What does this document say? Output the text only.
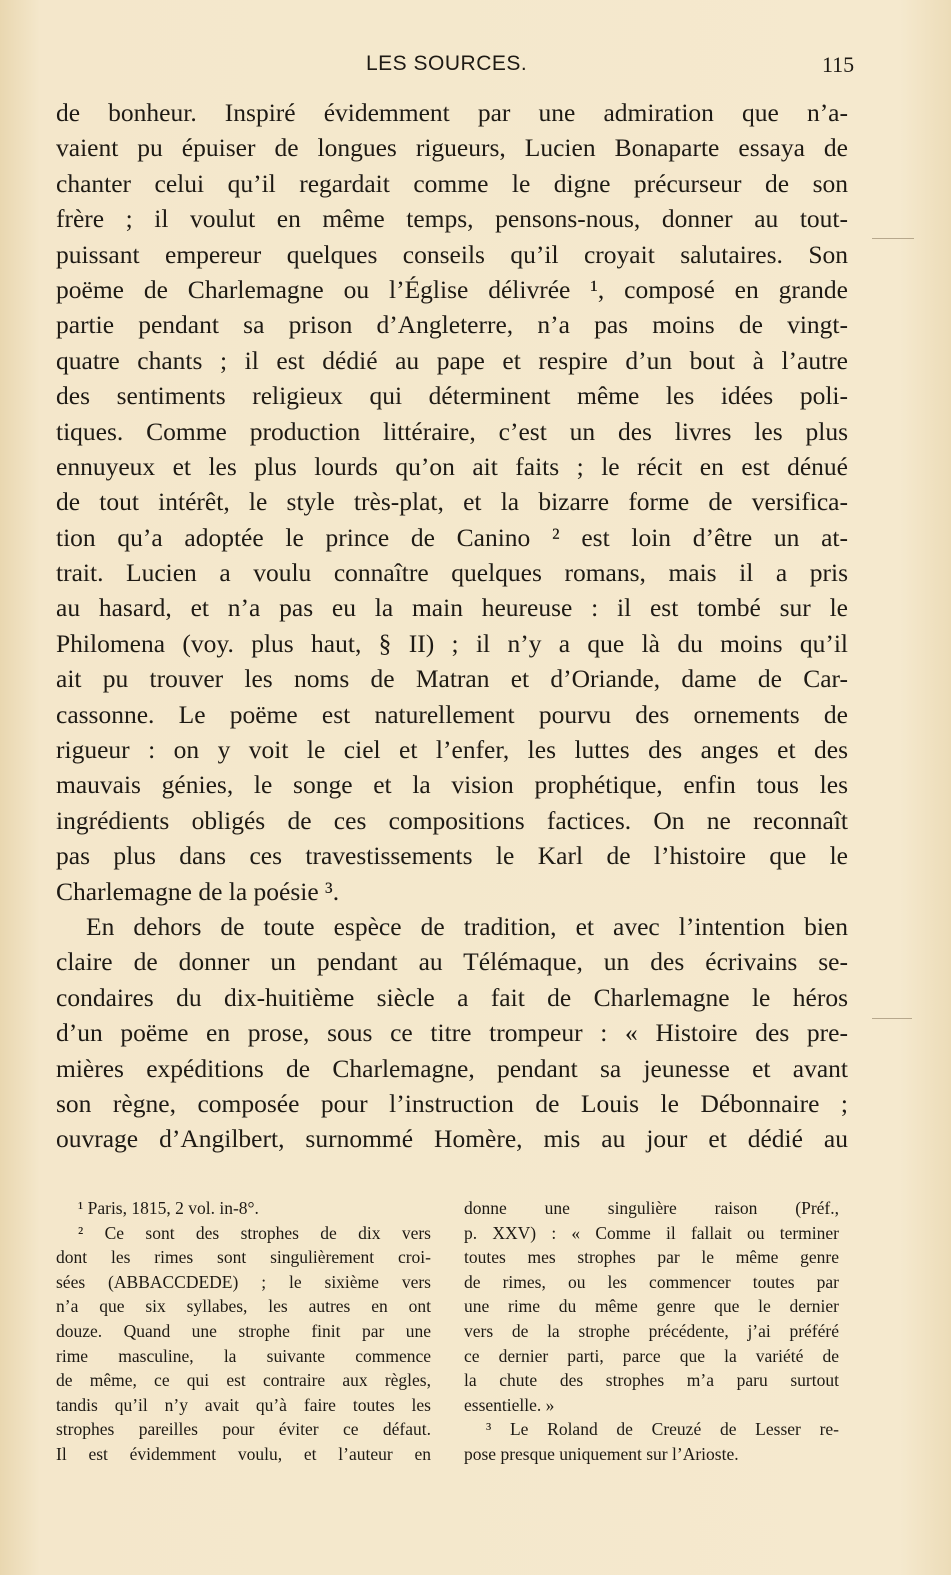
LES SOURCES.	115
de bonheur. Inspiré évidemment par une admiration que n’a-
vaient pu épuiser de longues rigueurs, Lucien Bonaparte essaya de
chanter celui qu’il regardait comme le digne précurseur de son
frère ; il voulut en même temps, pensons-nous, donner au tout-
puissant empereur quelques conseils qu’il croyait salutaires. Son
poëme de Charlemagne ou l’Église délivrée ¹, composé en grande
partie pendant sa prison d’Angleterre, n’a pas moins de vingt-
quatre chants ; il est dédié au pape et respire d’un bout à l’autre
des sentiments religieux qui déterminent même les idées poli-
tiques. Comme production littéraire, c’est un des livres les plus
ennuyeux et les plus lourds qu’on ait faits ; le récit en est dénué
de tout intérêt, le style très-plat, et la bizarre forme de versifica-
tion qu’a adoptée le prince de Canino ² est loin d’être un at-
trait. Lucien a voulu connaître quelques romans, mais il a pris
au hasard, et n’a pas eu la main heureuse : il est tombé sur le
Philomena (voy. plus haut, § II) ; il n’y a que là du moins qu’il
ait pu trouver les noms de Matran et d’Oriande, dame de Car-
cassonne. Le poëme est naturellement pourvu des ornements de
rigueur : on y voit le ciel et l’enfer, les luttes des anges et des
mauvais génies, le songe et la vision prophétique, enfin tous les
ingrédients obligés de ces compositions factices. On ne reconnaît
pas plus dans ces travestissements le Karl de l’histoire que le
Charlemagne de la poésie ³.
En dehors de toute espèce de tradition, et avec l’intention bien
claire de donner un pendant au Télémaque, un des écrivains se-
condaires du dix-huitième siècle a fait de Charlemagne le héros
d’un poëme en prose, sous ce titre trompeur : « Histoire des pre-
mières expéditions de Charlemagne, pendant sa jeunesse et avant
son règne, composée pour l’instruction de Louis le Débonnaire ;
ouvrage d’Angilbert, surnommé Homère, mis au jour et dédié au
¹ Paris, 1815, 2 vol. in-8°.
² Ce sont des strophes de dix vers
dont les rimes sont singulièrement croi-
sées (ABBACCDEDE) ; le sixième vers
n’a que six syllabes, les autres en ont
douze. Quand une strophe finit par une
rime masculine, la suivante commence
de même, ce qui est contraire aux règles,
tandis qu’il n’y avait qu’à faire toutes les
strophes pareilles pour éviter ce défaut.
Il est évidemment voulu, et l’auteur en
donne une singulière raison (Préf.,
p. XXV) : « Comme il fallait ou terminer
toutes mes strophes par le même genre
de rimes, ou les commencer toutes par
une rime du même genre que le dernier
vers de la strophe précédente, j’ai préféré
ce dernier parti, parce que la variété de
la chute des strophes m’a paru surtout
essentielle. »
³ Le Roland de Creuzé de Lesser re-
pose presque uniquement sur l’Arioste.
